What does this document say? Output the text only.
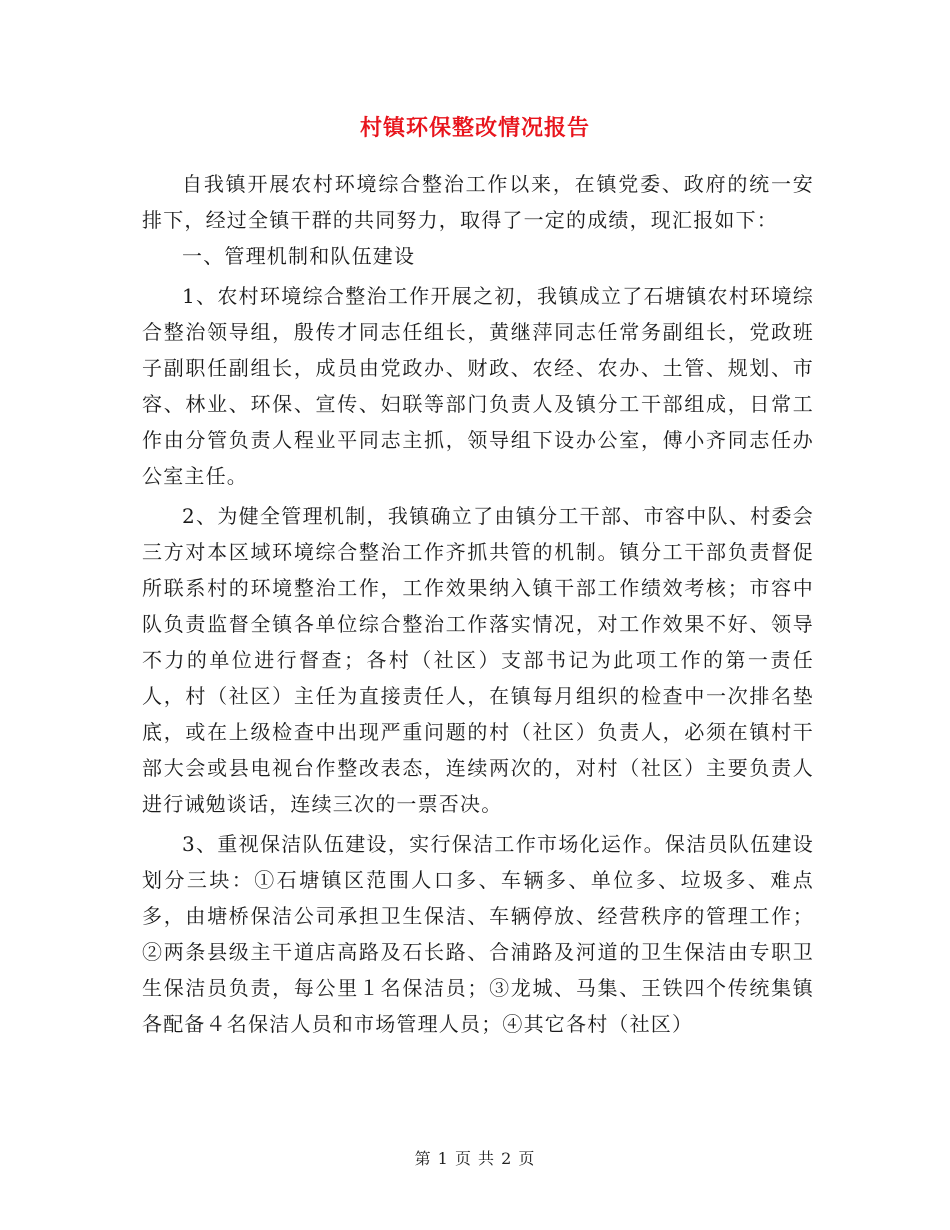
村镇环保整改情况报告

自我镇开展农村环境综合整治工作以来，在镇党委、政府的统一安排下，经过全镇干群的共同努力，取得了一定的成绩，现汇报如下：

一、管理机制和队伍建设

1、农村环境综合整治工作开展之初，我镇成立了石塘镇农村环境综合整治领导组，殷传才同志任组长，黄继萍同志任常务副组长，党政班子副职任副组长，成员由党政办、财政、农经、农办、土管、规划、市容、林业、环保、宣传、妇联等部门负责人及镇分工干部组成，日常工作由分管负责人程业平同志主抓，领导组下设办公室，傅小齐同志任办公室主任。

2、为健全管理机制，我镇确立了由镇分工干部、市容中队、村委会三方对本区域环境综合整治工作齐抓共管的机制。镇分工干部负责督促所联系村的环境整治工作，工作效果纳入镇干部工作绩效考核；市容中队负责监督全镇各单位综合整治工作落实情况，对工作效果不好、领导不力的单位进行督查；各村（社区）支部书记为此项工作的第一责任人，村（社区）主任为直接责任人，在镇每月组织的检查中一次排名垫底，或在上级检查中出现严重问题的村（社区）负责人，必须在镇村干部大会或县电视台作整改表态，连续两次的，对村（社区）主要负责人进行诫勉谈话，连续三次的一票否决。

3、重视保洁队伍建设，实行保洁工作市场化运作。保洁员队伍建设划分三块：①石塘镇区范围人口多、车辆多、单位多、垃圾多、难点多，由塘桥保洁公司承担卫生保洁、车辆停放、经营秩序的管理工作；②两条县级主干道店高路及石长路、合浦路及河道的卫生保洁由专职卫生保洁员负责，每公里１名保洁员；③龙城、马集、王铁四个传统集镇各配备４名保洁人员和市场管理人员；④其它各村（社区）

第 1 页 共 2 页
